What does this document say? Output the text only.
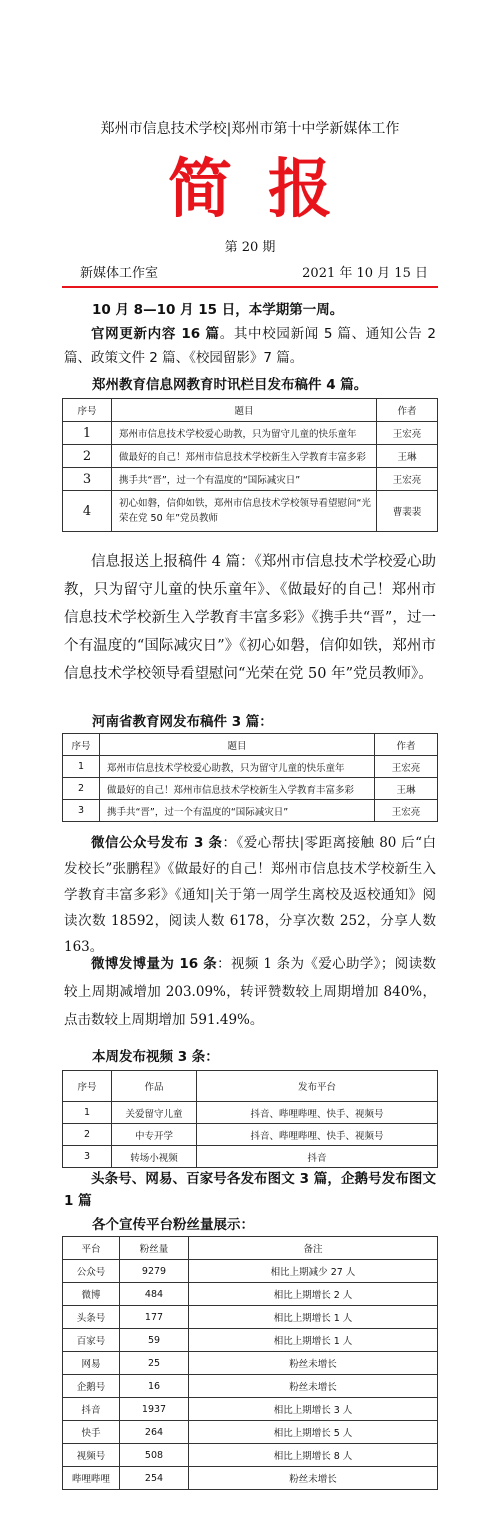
郑州市信息技术学校|郑州市第十中学新媒体工作
简报
第 20 期
新媒体工作室	2021 年 10 月 15 日
10 月 8—10 月 15 日，本学期第一周。
官网更新内容 16 篇。其中校园新闻 5 篇、通知公告 2 篇、政策文件 2 篇、《校园留影》7 篇。
郑州教育信息网教育时讯栏目发布稿件 4 篇。
序号	题目	作者
1	郑州市信息技术学校爱心助教，只为留守儿童的快乐童年	王宏亮
2	做最好的自己！郑州市信息技术学校新生入学教育丰富多彩	王琳
3	携手共“晋”，过一个有温度的“国际减灾日”	王宏亮
4	初心如磐，信仰如铁，郑州市信息技术学校领导看望慰问“光荣在党 50 年”党员教师	曹裴裴
信息报送上报稿件 4 篇：《郑州市信息技术学校爱心助教，只为留守儿童的快乐童年》、《做最好的自己！郑州市信息技术学校新生入学教育丰富多彩》《携手共“晋”，过一个有温度的“国际减灾日”》《初心如磐，信仰如铁，郑州市信息技术学校领导看望慰问“光荣在党 50 年”党员教师》。
河南省教育网发布稿件 3 篇：
序号	题目	作者
1	郑州市信息技术学校爱心助教，只为留守儿童的快乐童年	王宏亮
2	做最好的自己！郑州市信息技术学校新生入学教育丰富多彩	王琳
3	携手共“晋”，过一个有温度的“国际减灾日”	王宏亮
微信公众号发布 3 条：《爱心帮扶|零距离接触 80 后“白发校长”张鹏程》《做最好的自己！郑州市信息技术学校新生入学教育丰富多彩》《通知|关于第一周学生离校及返校通知》阅读次数 18592，阅读人数 6178，分享次数 252，分享人数 163。
微博发博量为 16 条：视频 1 条为《爱心助学》；阅读数较上周期减增加 203.09%，转评赞数较上周期增加 840%，点击数较上周期增加 591.49%。
本周发布视频 3 条：
序号	作品	发布平台
1	关爱留守儿童	抖音、哔哩哔哩、快手、视频号
2	中专开学	抖音、哔哩哔哩、快手、视频号
3	转场小视频	抖音
头条号、网易、百家号各发布图文 3 篇，企鹅号发布图文 1 篇
各个宣传平台粉丝量展示：
平台	粉丝量	备注
公众号	9279	相比上期减少 27 人
微博	484	相比上期增长 2 人
头条号	177	相比上期增长 1 人
百家号	59	相比上期增长 1 人
网易	25	粉丝未增长
企鹅号	16	粉丝未增长
抖音	1937	相比上期增长 3 人
快手	264	相比上期增长 5 人
视频号	508	相比上期增长 8 人
哔哩哔哩	254	粉丝未增长
